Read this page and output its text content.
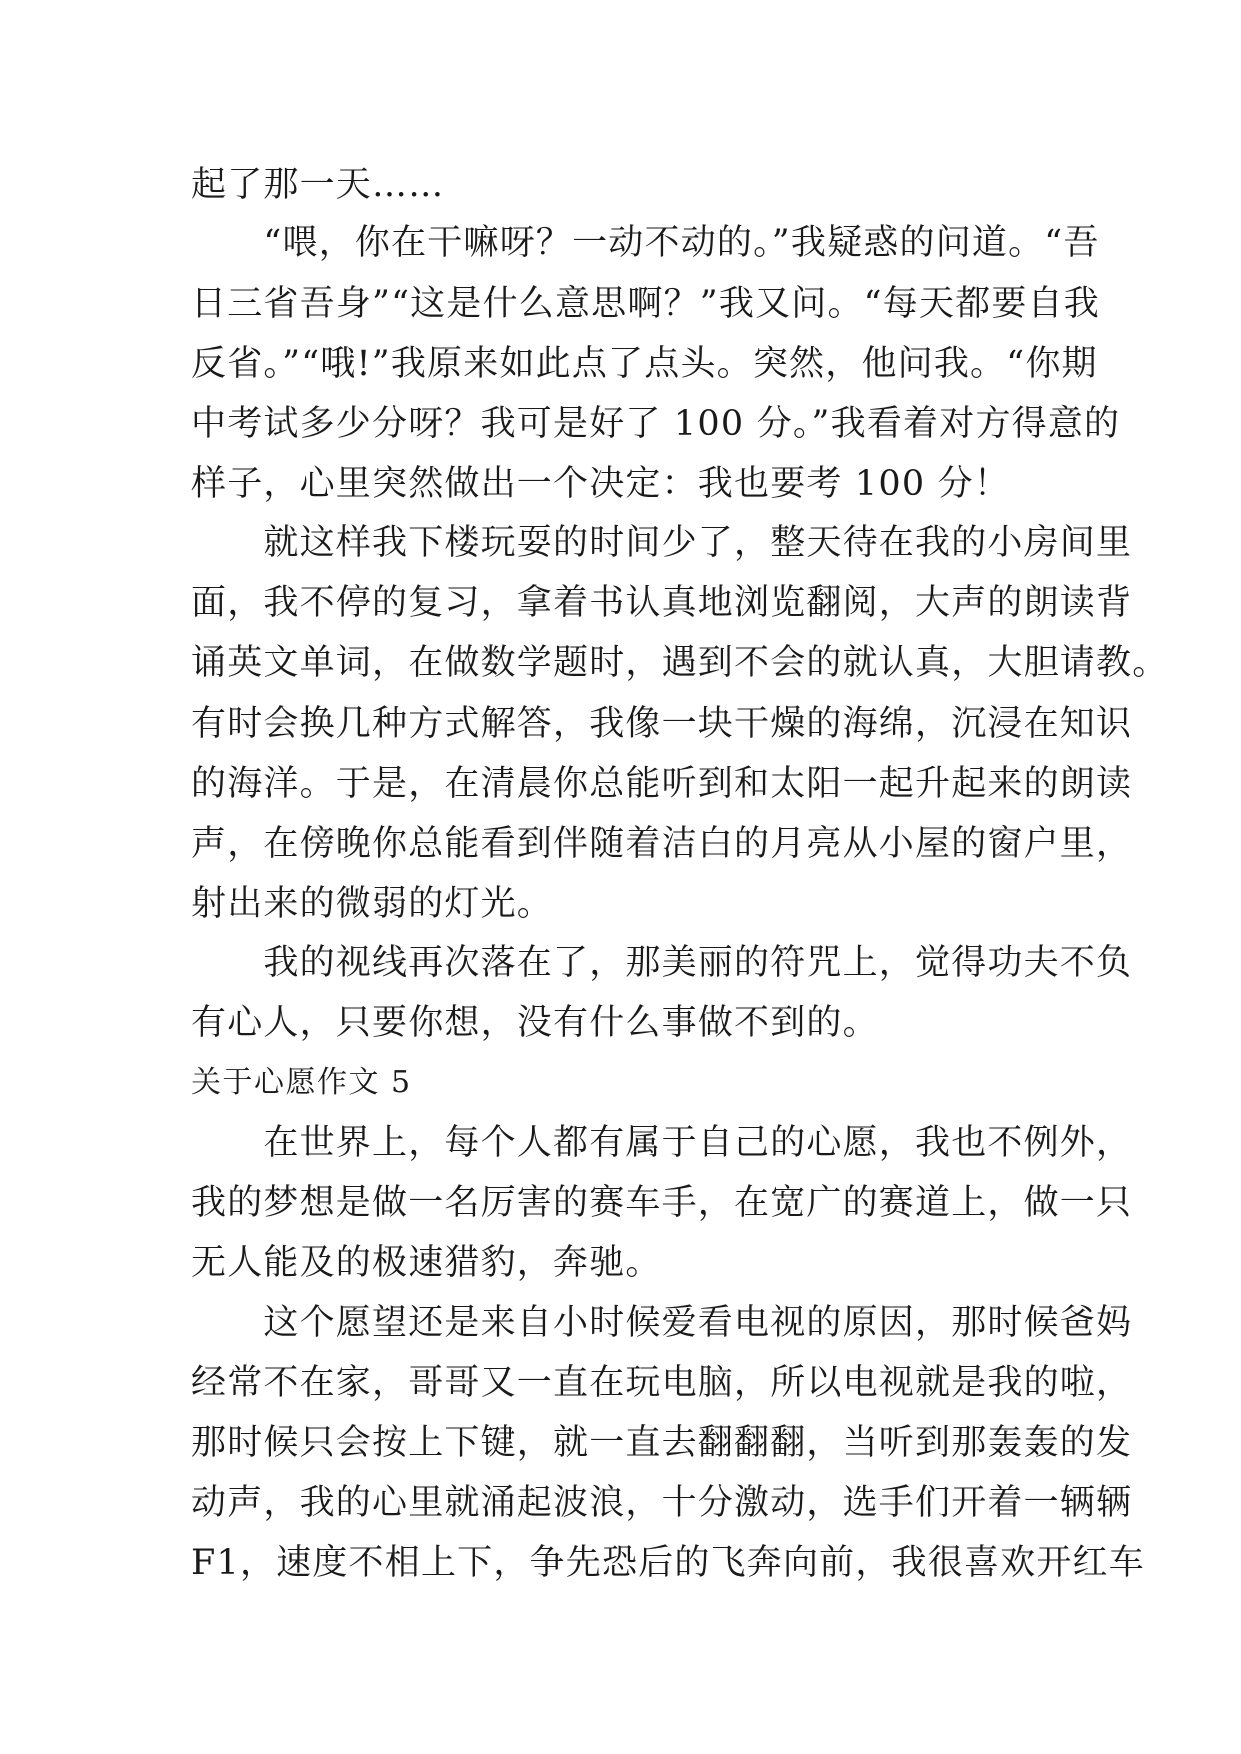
起了那一天……
　　“喂，你在干嘛呀？一动不动的。”我疑惑的问道。“吾
日三省吾身”“这是什么意思啊？”我又问。“每天都要自我
反省。”“哦!”我原来如此点了点头。突然，他问我。“你期
中考试多少分呀？我可是好了 100 分。”我看着对方得意的
样子，心里突然做出一个决定：我也要考 100 分！
　　就这样我下楼玩耍的时间少了，整天待在我的小房间里
面，我不停的复习，拿着书认真地浏览翻阅，大声的朗读背
诵英文单词，在做数学题时，遇到不会的就认真，大胆请教。
有时会换几种方式解答，我像一块干燥的海绵，沉浸在知识
的海洋。于是，在清晨你总能听到和太阳一起升起来的朗读
声，在傍晚你总能看到伴随着洁白的月亮从小屋的窗户里，
射出来的微弱的灯光。
　　我的视线再次落在了，那美丽的符咒上，觉得功夫不负
有心人，只要你想，没有什么事做不到的。
关于心愿作文 5
　　在世界上，每个人都有属于自己的心愿，我也不例外，
我的梦想是做一名厉害的赛车手，在宽广的赛道上，做一只
无人能及的极速猎豹，奔驰。
　　这个愿望还是来自小时候爱看电视的原因，那时候爸妈
经常不在家，哥哥又一直在玩电脑，所以电视就是我的啦，
那时候只会按上下键，就一直去翻翻翻，当听到那轰轰的发
动声，我的心里就涌起波浪，十分激动，选手们开着一辆辆
F1，速度不相上下，争先恐后的飞奔向前，我很喜欢开红车
